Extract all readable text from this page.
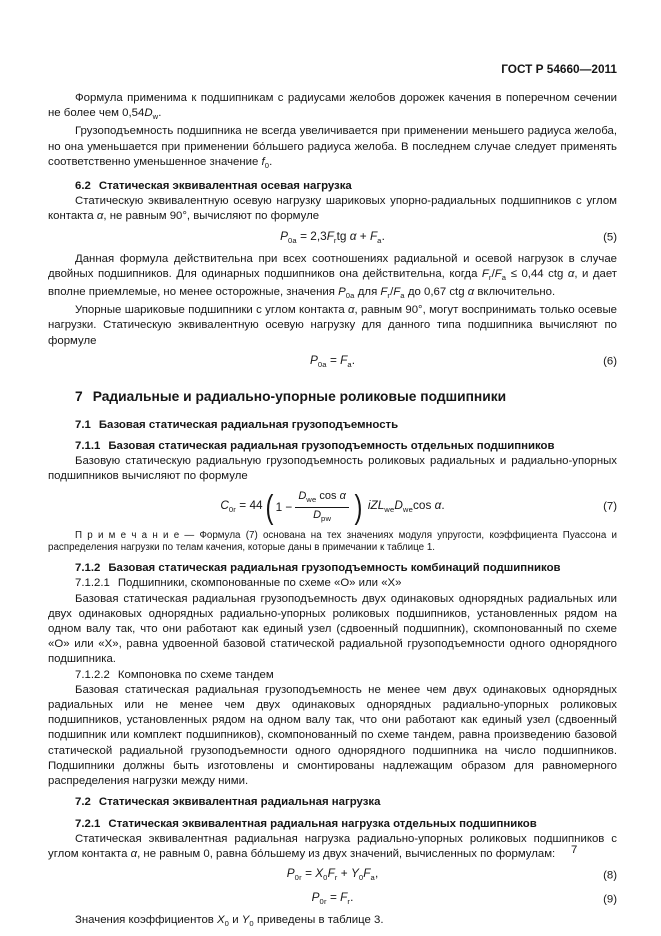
ГОСТ Р 54660—2011

Формула применима к подшипникам с радиусами желобов дорожек качения в поперечном сечении не более чем $0,54D_w$.

Грузоподъемность подшипника не всегда увеличивается при применении меньшего радиуса желоба, но она уменьшается при применении бо́льшего радиуса желоба. В последнем случае следует применять соответственно уменьшенное значение $f_0$.

6.2 Статическая эквивалентная осевая нагрузка

Статическую эквивалентную осевую нагрузку шариковых упорно-радиальных подшипников с углом контакта α, не равным 90°, вычисляют по формуле

$P_{0a} = 2,3F_rtg$ $\alpha + F_a$.	(5)

Данная формула действительна при всех соотношениях радиальной и осевой нагрузок в случае двойных подшипников. Для одинарных подшипников она действительна, когда $F_r/F_a \le 0,44$ ctg α, и дает вполне приемлемые, но менее осторожные, значения $P_{0a}$ для $F_r/F_a$ до 0,67 ctg α включительно.

Упорные шариковые подшипники с углом контакта α, равным 90°, могут воспринимать только осевые нагрузки. Статическую эквивалентную осевую нагрузку для данного типа подшипника вычисляют по формуле

$P_{0a} = F_a$.	(6)

7 Радиальные и радиально-упорные роликовые подшипники

7.1 Базовая статическая радиальная грузоподъемность

7.1.1 Базовая статическая радиальная грузоподъемность отдельных подшипников

Базовую статическую радиальную грузоподъемность роликовых радиальных и радиально-упорных подшипников вычисляют по формуле

$C_{0r} = 44$ ( $1 - \frac{D_{we} \cos \alpha}{D_{pw}}$ ) $iZL_{we}D_{we}\cos$ α.	(7)

П р и м е ч а н и е — Формула (7) основана на тех значениях модуля упругости, коэффициента Пуассона и распределения нагрузки по телам качения, которые даны в примечании к таблице 1.

7.1.2 Базовая статическая радиальная грузоподъемность комбинаций подшипников

7.1.2.1 Подшипники, скомпонованные по схеме «О» или «Х»

Базовая статическая радиальная грузоподъемность двух одинаковых однорядных радиальных или двух одинаковых однорядных радиально-упорных роликовых подшипников, установленных рядом на одном валу так, что они работают как единый узел (сдвоенный подшипник), скомпонованный по схеме «О» или «Х», равна удвоенной базовой статической радиальной грузоподъемности одного однорядного подшипника.

7.1.2.2 Компоновка по схеме тандем

Базовая статическая радиальная грузоподъемность не менее чем двух одинаковых однорядных радиальных или не менее чем двух одинаковых однорядных радиально-упорных роликовых подшипников, установленных рядом на одном валу так, что они работают как единый узел (сдвоенный подшипник или комплект подшипников), скомпонованный по схеме тандем, равна произведению базовой статической радиальной грузоподъемности одного однорядного подшипника на число подшипников. Подшипники должны быть изготовлены и смонтированы надлежащим образом для равномерного распределения нагрузки между ними.

7.2 Статическая эквивалентная радиальная нагрузка

7.2.1 Статическая эквивалентная радиальная нагрузка отдельных подшипников

Статическая эквивалентная радиальная нагрузка радиально-упорных роликовых подшипников с углом контакта α, не равным 0, равна бо́льшему из двух значений, вычисленных по формулам:

$P_{0r} = X_0F_r + Y_0F_a$,	(8)
$P_{0r} = F_r$.	(9)

Значения коэффициентов $X_0$ и $Y_0$ приведены в таблице 3.

7
